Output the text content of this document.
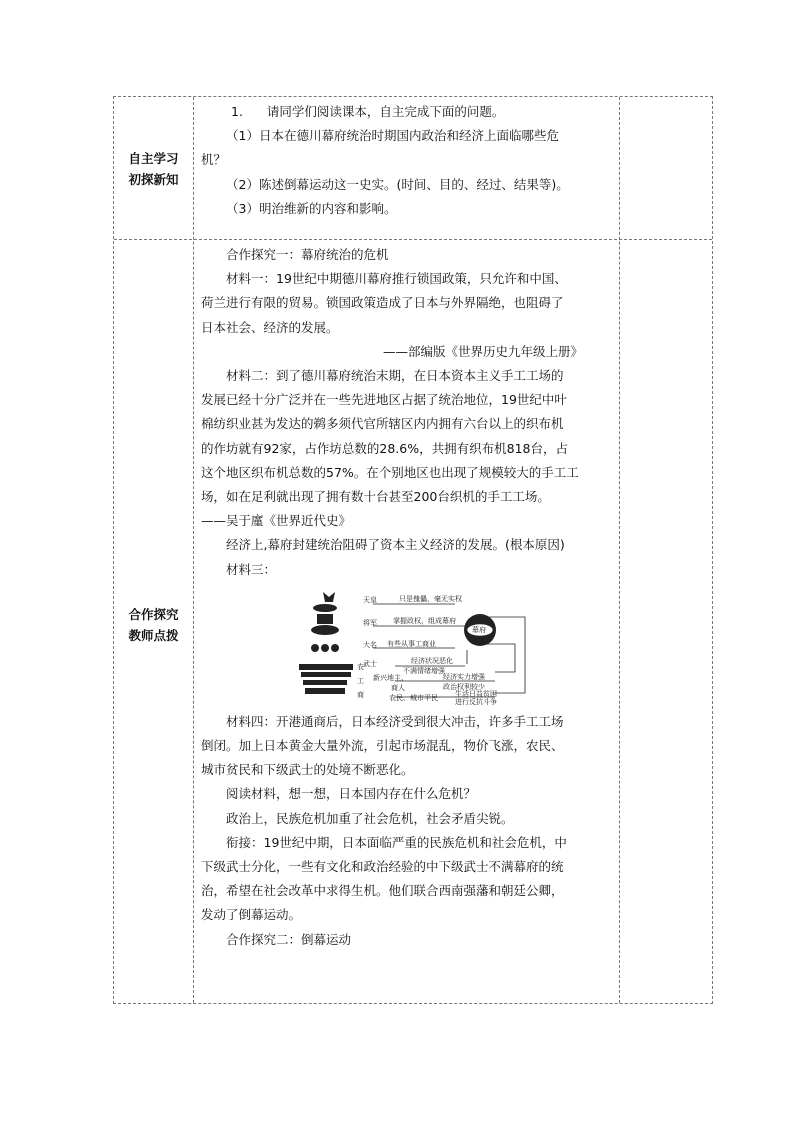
自主学习
初探新知

1. 请同学们阅读课本，自主完成下面的问题。

（1）日本在德川幕府统治时期国内政治和经济上面临哪些危

机？

（2）陈述倒幕运动这一史实。(时间、目的、经过、结果等)。

（3）明治维新的内容和影响。

合作探究
教师点拨

合作探究一：幕府统治的危机

材料一：19世纪中期德川幕府推行锁国政策，只允许和中国、

荷兰进行有限的贸易。锁国政策造成了日本与外界隔绝，也阻碍了

日本社会、经济的发展。

——部编版《世界历史九年级上册》

材料二：到了德川幕府统治末期，在日本资本主义手工工场的

发展已经十分广泛并在一些先进地区占据了统治地位，19世纪中叶

棉纺织业甚为发达的鹈多须代官所辖区内内拥有六台以上的织布机

的作坊就有92家，占作坊总数的28.6%，共拥有织布机818台，占

这个地区织布机总数的57%。在个别地区也出现了规模较大的手工工

场，如在足利就出现了拥有数十台甚至200台织机的手工工场。

——吴于廑《世界近代史》

经济上,幕府封建统治阻碍了资本主义经济的发展。(根本原因)

材料三：

天皇	只是傀儡，毫无实权
将军 掌握政权，组成幕府
大名 有些从事工商业
幕府
武士	经济状况恶化
不满情绪增强
新兴地主、
商人
经济实力增强
政治权利较少
农民、城市平民 生活日益贫困
进行反抗斗争
农
工
商

材料四：开港通商后，日本经济受到很大冲击，许多手工工场

倒闭。加上日本黄金大量外流，引起市场混乱，物价飞涨，农民、

城市贫民和下级武士的处境不断恶化。

阅读材料，想一想，日本国内存在什么危机？

政治上，民族危机加重了社会危机，社会矛盾尖锐。

衔接：19世纪中期，日本面临严重的民族危机和社会危机，中

下级武士分化，一些有文化和政治经验的中下级武士不满幕府的统

治，希望在社会改革中求得生机。他们联合西南强藩和朝廷公卿，

发动了倒幕运动。

合作探究二：倒幕运动
